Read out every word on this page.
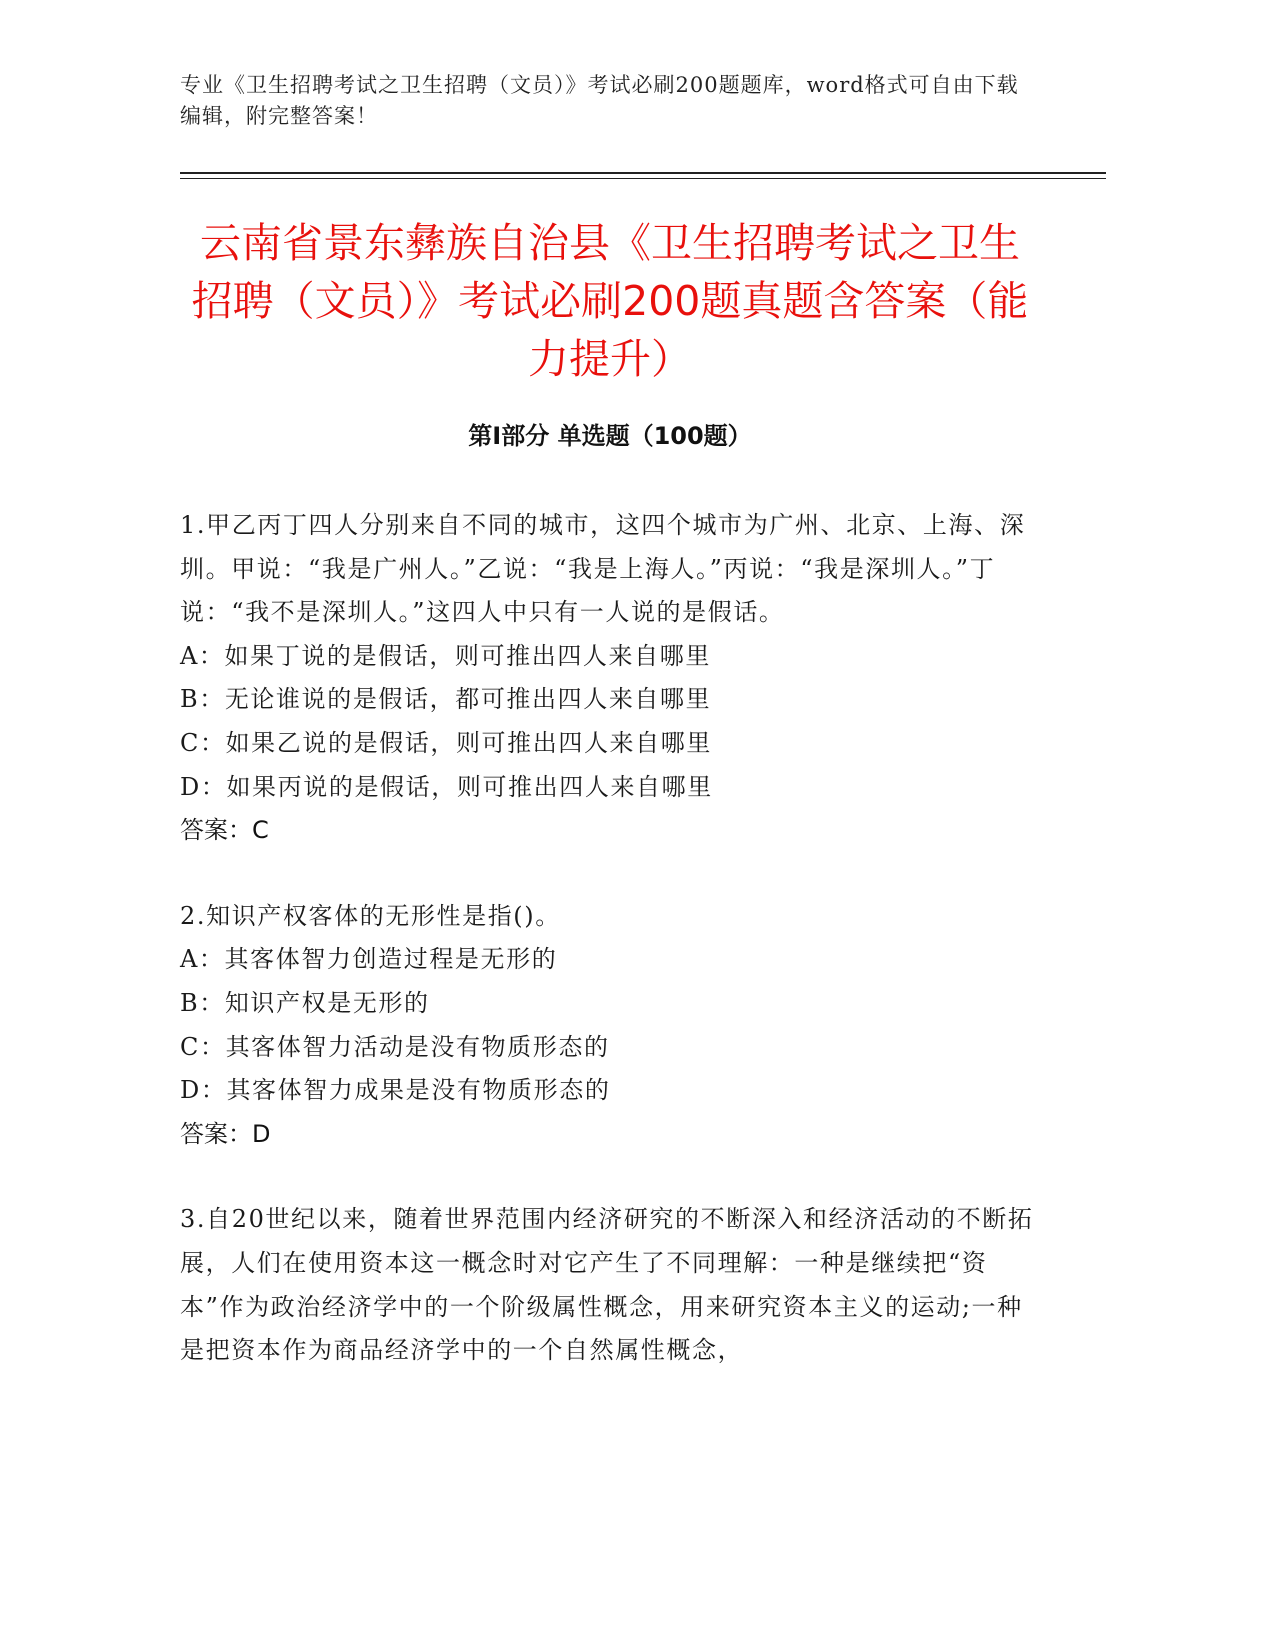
专业《卫生招聘考试之卫生招聘（文员）》考试必刷200题题库，word格式可自由下载编辑，附完整答案！
云南省景东彝族自治县《卫生招聘考试之卫生招聘（文员）》考试必刷200题真题含答案（能力提升）
第Ⅰ部分 单选题（100题）

1.甲乙丙丁四人分别来自不同的城市，这四个城市为广州、北京、上海、深圳。甲说：“我是广州人。”乙说：“我是上海人。”丙说：“我是深圳人。”丁说：“我不是深圳人。”这四人中只有一人说的是假话。

A：如果丁说的是假话，则可推出四人来自哪里

B：无论谁说的是假话，都可推出四人来自哪里

C：如果乙说的是假话，则可推出四人来自哪里

D：如果丙说的是假话，则可推出四人来自哪里

答案：C

2.知识产权客体的无形性是指()。

A：其客体智力创造过程是无形的

B：知识产权是无形的

C：其客体智力活动是没有物质形态的

D：其客体智力成果是没有物质形态的

答案：D

3.自20世纪以来，随着世界范围内经济研究的不断深入和经济活动的不断拓展，人们在使用资本这一概念时对它产生了不同理解：一种是继续把“资本”作为政治经济学中的一个阶级属性概念，用来研究资本主义的运动;一种是把资本作为商品经济学中的一个自然属性概念，
